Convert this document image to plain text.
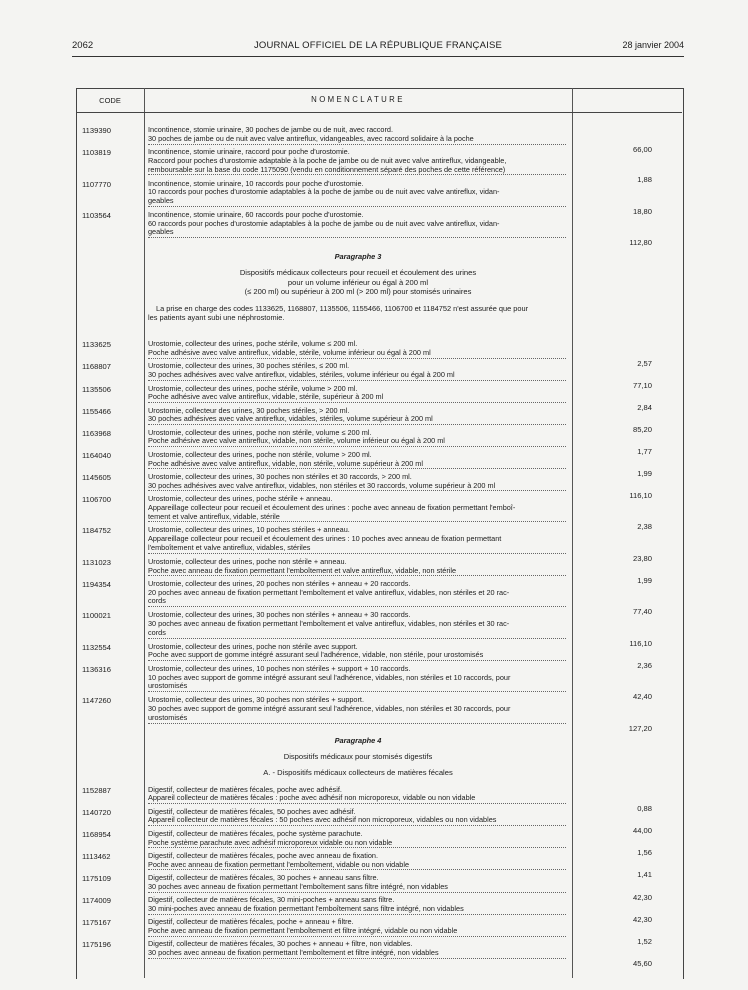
2062	JOURNAL OFFICIEL DE LA RÉPUBLIQUE FRANÇAISE	28 janvier 2004
CODE	NOMENCLATURE
1139390	Incontinence, stomie urinaire, 30 poches de jambe ou de nuit, avec raccord.
30 poches de jambe ou de nuit avec valve antireflux, vidangeables, avec raccord solidaire à la poche
66,00
1103819	Incontinence, stomie urinaire, raccord pour poche d'urostomie.
Raccord pour poches d'urostomie adaptable à la poche de jambe ou de nuit avec valve antireflux, vidangeable,
remboursable sur la base du code 1175090 (vendu en conditionnement séparé des poches de cette référence)
1,88
1107770	Incontinence, stomie urinaire, 10 raccords pour poche d'urostomie.
10 raccords pour poches d'urostomie adaptables à la poche de jambe ou de nuit avec valve antireflux, vidan-
geables
18,80
1103564	Incontinence, stomie urinaire, 60 raccords pour poche d'urostomie.
60 raccords pour poches d'urostomie adaptables à la poche de jambe ou de nuit avec valve antireflux, vidan-
geables
112,80
Paragraphe 3
Dispositifs médicaux collecteurs pour recueil et écoulement des urines
pour un volume inférieur ou égal à 200 ml
(≤ 200 ml) ou supérieur à 200 ml (> 200 ml) pour stomisés urinaires
La prise en charge des codes 1133625, 1168807, 1135506, 1155466, 1106700 et 1184752 n'est assurée que pour
les patients ayant subi une néphrostomie.
1133625	Urostomie, collecteur des urines, poche stérile, volume ≤ 200 ml.
Poche adhésive avec valve antireflux, vidable, stérile, volume inférieur ou égal à 200 ml
2,57
1168807	Urostomie, collecteur des urines, 30 poches stériles, ≤ 200 ml.
30 poches adhésives avec valve antireflux, vidables, stériles, volume inférieur ou égal à 200 ml
77,10
1135506	Urostomie, collecteur des urines, poche stérile, volume > 200 ml.
Poche adhésive avec valve antireflux, vidable, stérile, supérieur à 200 ml
2,84
1155466	Urostomie, collecteur des urines, 30 poches stériles, > 200 ml.
30 poches adhésives avec valve antireflux, vidables, stériles, volume supérieur à 200 ml
85,20
1163968	Urostomie, collecteur des urines, poche non stérile, volume ≤ 200 ml.
Poche adhésive avec valve antireflux, vidable, non stérile, volume inférieur ou égal à 200 ml
1,77
1164040	Urostomie, collecteur des urines, poche non stérile, volume > 200 ml.
Poche adhésive avec valve antireflux, vidable, non stérile, volume supérieur à 200 ml
1,99
1145605	Urostomie, collecteur des urines, 30 poches non stériles et 30 raccords, > 200 ml.
30 poches adhésives avec valve antireflux, vidables, non stériles et 30 raccords, volume supérieur à 200 ml
116,10
1106700	Urostomie, collecteur des urines, poche stérile + anneau.
Appareillage collecteur pour recueil et écoulement des urines : poche avec anneau de fixation permettant l'emboî-
tement et valve antireflux, vidable, stérile
2,38
1184752	Urostomie, collecteur des urines, 10 poches stériles + anneau.
Appareillage collecteur pour recueil et écoulement des urines : 10 poches avec anneau de fixation permettant
l'emboîtement et valve antireflux, vidables, stériles
23,80
1131023	Urostomie, collecteur des urines, poche non stérile + anneau.
Poche avec anneau de fixation permettant l'emboîtement et valve antireflux, vidable, non stérile
1,99
1194354	Urostomie, collecteur des urines, 20 poches non stériles + anneau + 20 raccords.
20 poches avec anneau de fixation permettant l'emboîtement et valve antireflux, vidables, non stériles et 20 rac-
cords
77,40
1100021	Urostomie, collecteur des urines, 30 poches non stériles + anneau + 30 raccords.
30 poches avec anneau de fixation permettant l'emboîtement et valve antireflux, vidables, non stériles et 30 rac-
cords
116,10
1132554	Urostomie, collecteur des urines, poche non stérile avec support.
Poche avec support de gomme intégré assurant seul l'adhérence, vidable, non stérile, pour urostomisés
2,36
1136316	Urostomie, collecteur des urines, 10 poches non stériles + support + 10 raccords.
10 poches avec support de gomme intégré assurant seul l'adhérence, vidables, non stériles et 10 raccords, pour
urostomisés
42,40
1147260	Urostomie, collecteur des urines, 30 poches non stériles + support.
30 poches avec support de gomme intégré assurant seul l'adhérence, vidables, non stériles et 30 raccords, pour
urostomisés
127,20
Paragraphe 4
Dispositifs médicaux pour stomisés digestifs
A. - Dispositifs médicaux collecteurs de matières fécales
1152887	Digestif, collecteur de matières fécales, poche avec adhésif.
Appareil collecteur de matières fécales : poche avec adhésif non microporeux, vidable ou non vidable
0,88
1140720	Digestif, collecteur de matières fécales, 50 poches avec adhésif.
Appareil collecteur de matières fécales : 50 poches avec adhésif non microporeux, vidables ou non vidables
44,00
1168954	Digestif, collecteur de matières fécales, poche système parachute.
Poche système parachute avec adhésif microporeux vidable ou non vidable
1,56
1113462	Digestif, collecteur de matières fécales, poche avec anneau de fixation.
Poche avec anneau de fixation permettant l'emboîtement, vidable ou non vidable
1,41
1175109	Digestif, collecteur de matières fécales, 30 poches + anneau sans filtre.
30 poches avec anneau de fixation permettant l'emboîtement sans filtre intégré, non vidables
42,30
1174009	Digestif, collecteur de matières fécales, 30 mini-poches + anneau sans filtre.
30 mini-poches avec anneau de fixation permettant l'emboîtement sans filtre intégré, non vidables
42,30
1175167	Digestif, collecteur de matières fécales, poche + anneau + filtre.
Poche avec anneau de fixation permettant l'emboîtement et filtre intégré, vidable ou non vidable
1,52
1175196	Digestif, collecteur de matières fécales, 30 poches + anneau + filtre, non vidables.
30 poches avec anneau de fixation permettant l'emboîtement et filtre intégré, non vidables
45,60
